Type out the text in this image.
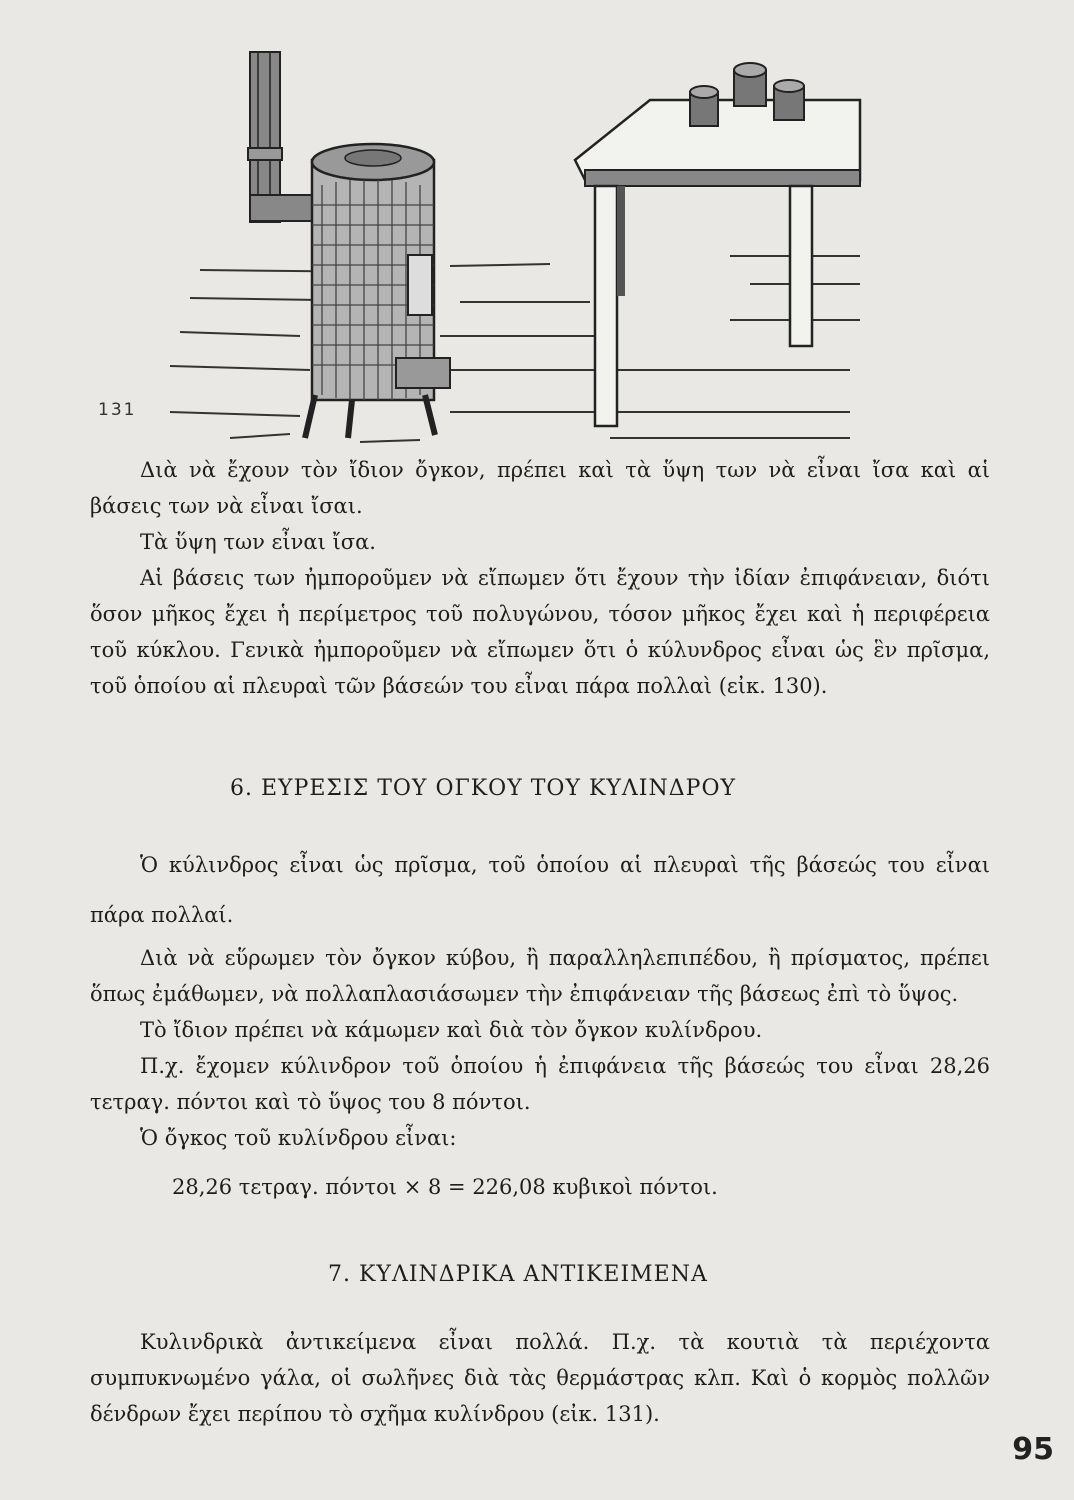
131

Διὰ νὰ ἔχουν τὸν ἴδιον ὄγκον, πρέπει καὶ τὰ ὕψη των νὰ εἶναι ἴσα καὶ αἱ βάσεις των νὰ εἶναι ἴσαι.

Τὰ ὕψη των εἶναι ἴσα.

Αἱ βάσεις των ἠμποροῦμεν νὰ εἴπωμεν ὅτι ἔχουν τὴν ἰδίαν ἐπιφάνειαν, διότι ὅσον μῆκος ἔχει ἡ περίμετρος τοῦ πολυγώνου, τόσον μῆκος ἔχει καὶ ἡ περιφέρεια τοῦ κύκλου. Γενικὰ ἠμποροῦμεν νὰ εἴπωμεν ὅτι ὁ κύλυνδρος εἶναι ὡς ἓν πρῖσμα, τοῦ ὁποίου αἱ πλευραὶ τῶν βάσεών του εἶναι πάρα πολλαὶ (εἰκ. 130).

6. ΕΥΡΕΣΙΣ ΤΟΥ ΟΓΚΟΥ ΤΟΥ ΚΥΛΙΝΔΡΟΥ

Ὁ κύλινδρος εἶναι ὡς πρῖσμα, τοῦ ὁποίου αἱ πλευραὶ τῆς βάσεώς του εἶναι πάρα πολλαί.

Διὰ νὰ εὕρωμεν τὸν ὄγκον κύβου, ἢ παραλληλεπιπέδου, ἢ πρίσματος, πρέπει ὅπως ἐμάθωμεν, νὰ πολλαπλασιάσωμεν τὴν ἐπιφάνειαν τῆς βάσεως ἐπὶ τὸ ὕψος.

Τὸ ἴδιον πρέπει νὰ κάμωμεν καὶ διὰ τὸν ὄγκον κυλίνδρου.

Π.χ. ἔχομεν κύλινδρον τοῦ ὁποίου ἡ ἐπιφάνεια τῆς βάσεώς του εἶναι 28,26 τετραγ. πόντοι καὶ τὸ ὕψος του 8 πόντοι.

Ὁ ὄγκος τοῦ κυλίνδρου εἶναι:

28,26 τετραγ. πόντοι × 8 = 226,08 κυβικοὶ πόντοι.
7. ΚΥΛΙΝΔΡΙΚΑ ΑΝΤΙΚΕΙΜΕΝΑ

Κυλινδρικὰ ἀντικείμενα εἶναι πολλά. Π.χ. τὰ κουτιὰ τὰ περιέχοντα συμπυκνωμένο γάλα, οἱ σωλῆνες διὰ τὰς θερμάστρας κλπ. Καὶ ὁ κορμὸς πολλῶν δένδρων ἔχει περίπου τὸ σχῆμα κυλίνδρου (εἰκ. 131).

95
